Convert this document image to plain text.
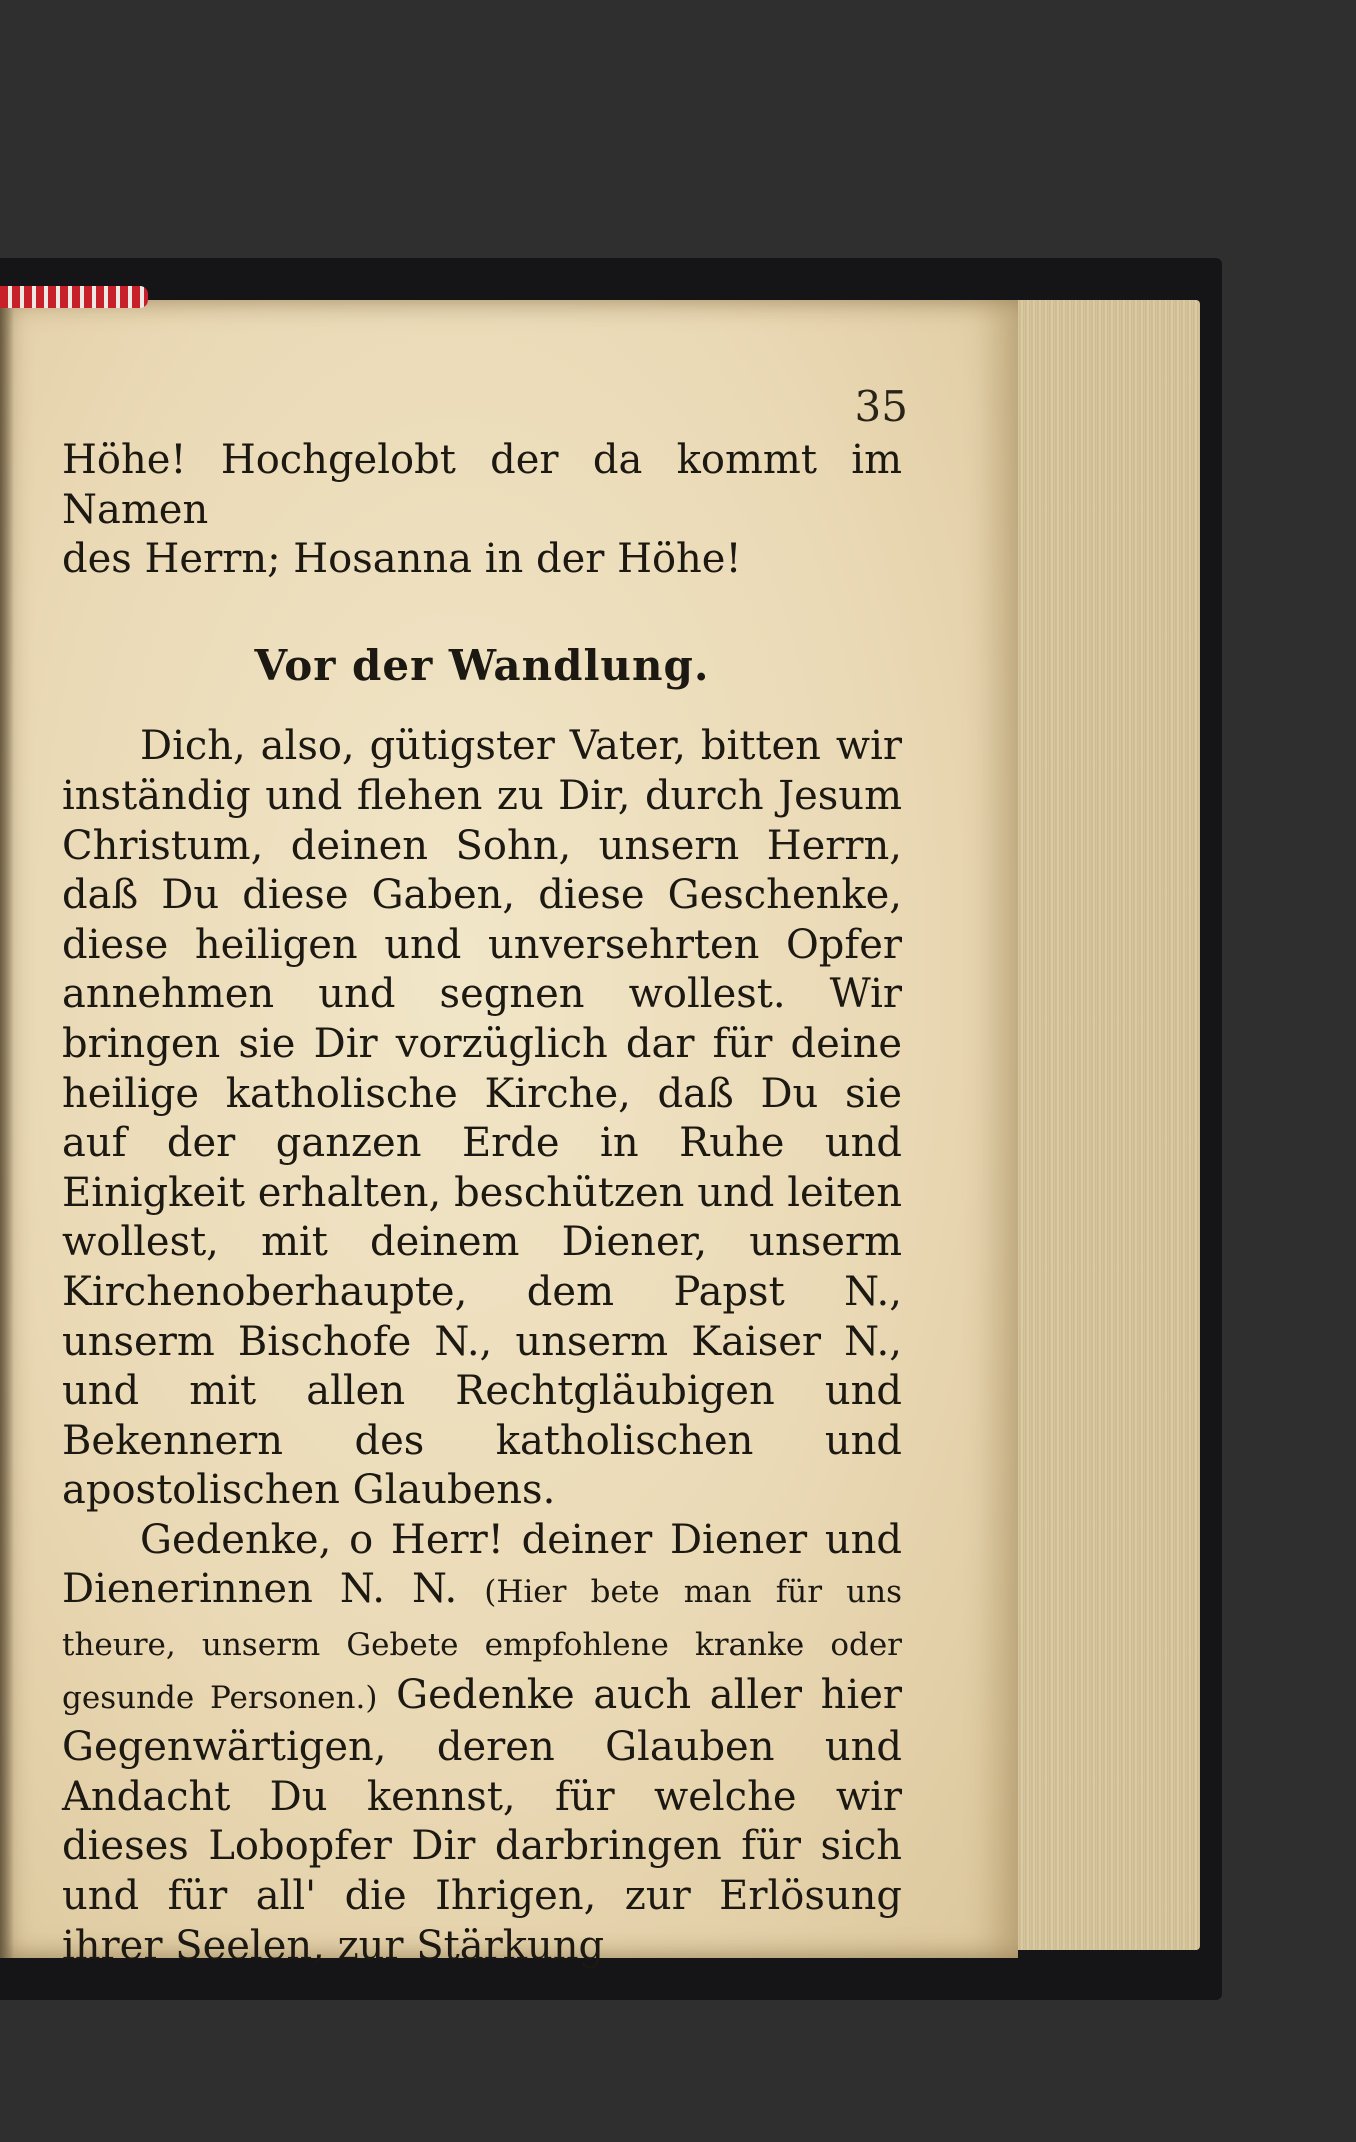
35

Höhe! Hochgelobt der da kommt im Namen

des Herrn; Hosanna in der Höhe!

Vor der Wandlung.

Dich, also, gütigster Vater, bitten wir inständig und flehen zu Dir, durch Jesum Christum, deinen Sohn, unsern Herrn, daß Du diese Gaben, diese Geschenke, diese heiligen und unversehrten Opfer annehmen und segnen wollest. Wir bringen sie Dir vorzüglich dar für deine heilige katholische Kirche, daß Du sie auf der ganzen Erde in Ruhe und Einigkeit erhalten, beschützen und leiten wollest, mit deinem Diener, unserm Kirchenoberhaupte, dem Papst N., unserm Bischofe N., unserm Kaiser N., und mit allen Rechtgläubigen und Bekennern des katholischen und apostolischen Glaubens.

Gedenke, o Herr! deiner Diener und Dienerinnen N. N. (Hier bete man für uns theure, unserm Gebete empfohlene kranke oder gesunde Personen.) Gedenke auch aller hier Gegenwärtigen, deren Glauben und Andacht Du kennst, für welche wir dieses Lobopfer Dir darbringen für sich und für all' die Ihrigen, zur Erlösung ihrer Seelen, zur Stärkung
